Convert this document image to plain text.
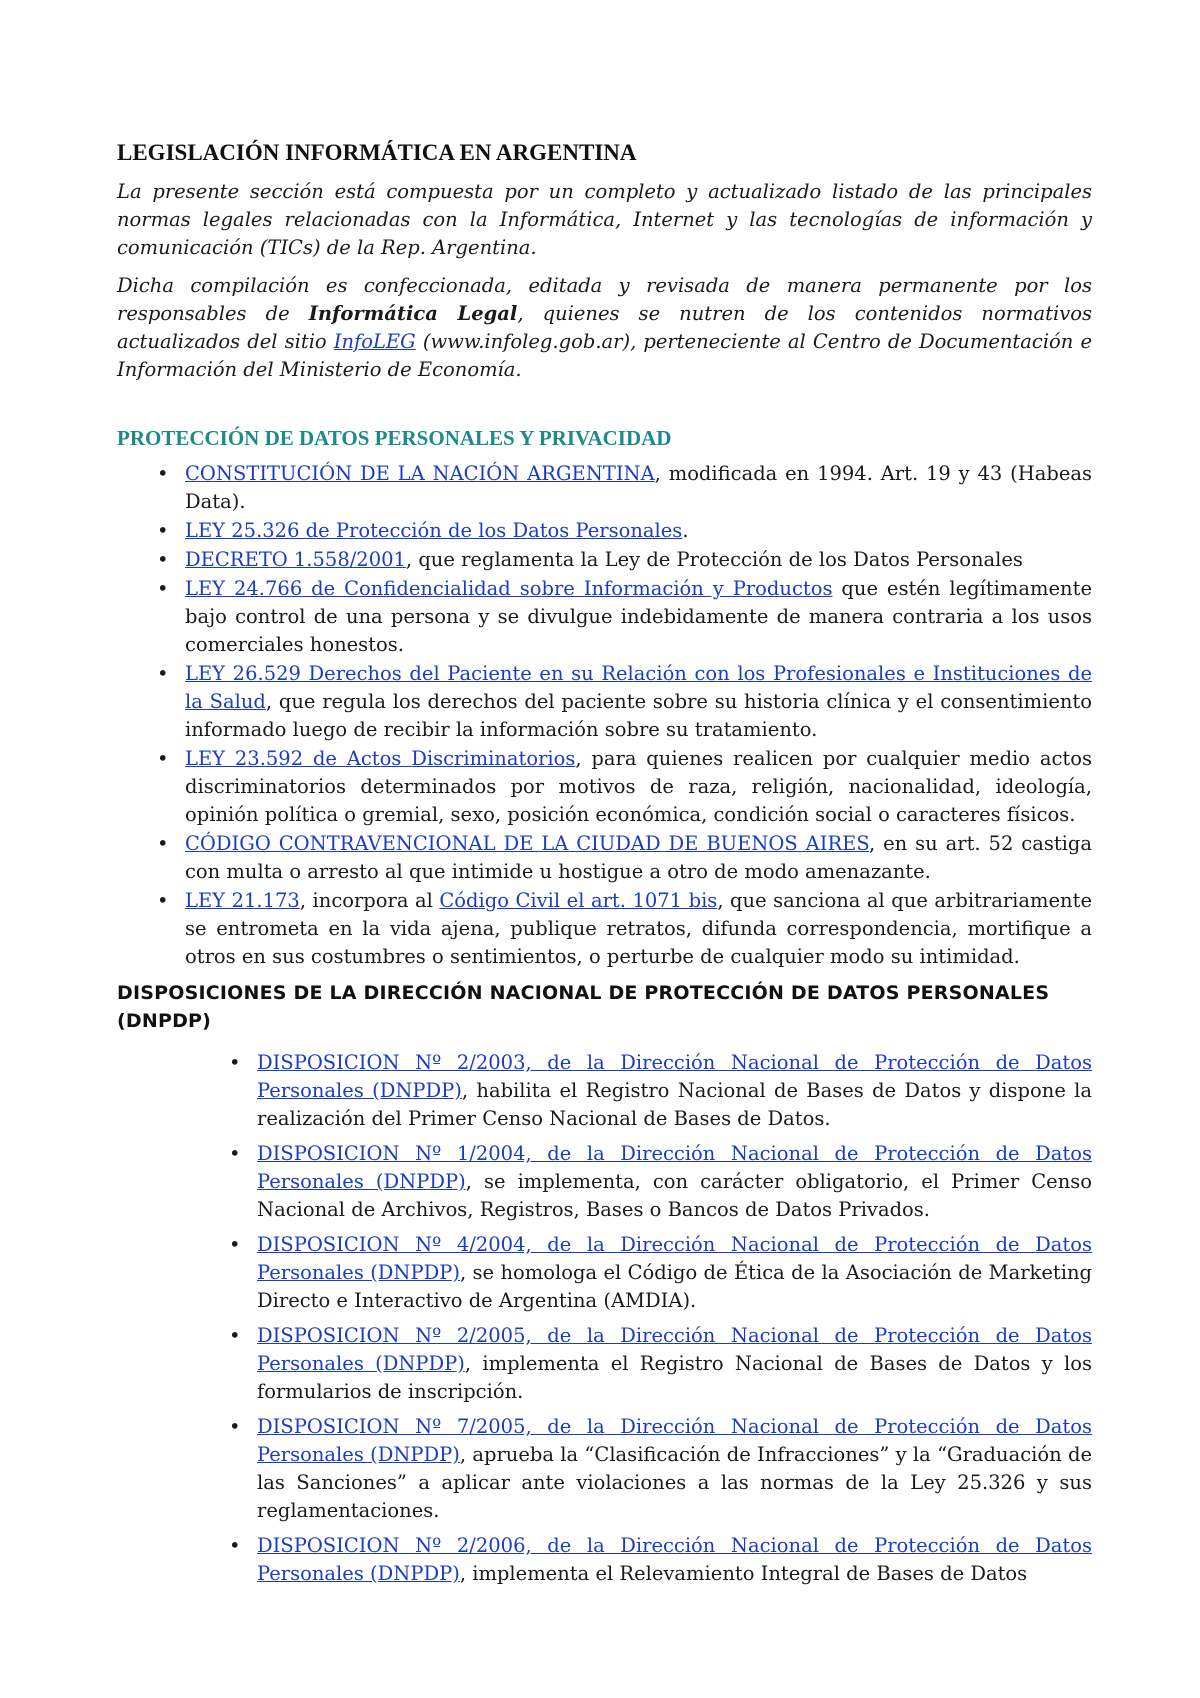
LEGISLACIÓN INFORMÁTICA EN ARGENTINA

La presente sección está compuesta por un completo y actualizado listado de las principales normas legales relacionadas con la Informática, Internet y las tecnologías de información y comunicación (TICs) de la Rep. Argentina.

Dicha compilación es confeccionada, editada y revisada de manera permanente por los responsables de Informática Legal, quienes se nutren de los contenidos normativos actualizados del sitio InfoLEG (www.infoleg.gob.ar), perteneciente al Centro de Documentación e Información del Ministerio de Economía.

PROTECCIÓN DE DATOS PERSONALES Y PRIVACIDAD
• CONSTITUCIÓN DE LA NACIÓN ARGENTINA, modificada en 1994. Art. 19 y 43 (Habeas Data).
• LEY 25.326 de Protección de los Datos Personales.
• DECRETO 1.558/2001, que reglamenta la Ley de Protección de los Datos Personales
• LEY 24.766 de Confidencialidad sobre Información y Productos que estén legítimamente bajo control de una persona y se divulgue indebidamente de manera contraria a los usos comerciales honestos.
• LEY 26.529 Derechos del Paciente en su Relación con los Profesionales e Instituciones de la Salud, que regula los derechos del paciente sobre su historia clínica y el consentimiento informado luego de recibir la información sobre su tratamiento.
• LEY 23.592 de Actos Discriminatorios, para quienes realicen por cualquier medio actos discriminatorios determinados por motivos de raza, religión, nacionalidad, ideología, opinión política o gremial, sexo, posición económica, condición social o caracteres físicos.
• CÓDIGO CONTRAVENCIONAL DE LA CIUDAD DE BUENOS AIRES, en su art. 52 castiga con multa o arresto al que intimide u hostigue a otro de modo amenazante.
• LEY 21.173, incorpora al Código Civil el art. 1071 bis, que sanciona al que arbitrariamente se entrometa en la vida ajena, publique retratos, difunda correspondencia, mortifique a otros en sus costumbres o sentimientos, o perturbe de cualquier modo su intimidad.
DISPOSICIONES DE LA DIRECCIÓN NACIONAL DE PROTECCIÓN DE DATOS PERSONALES (DNPDP)
• DISPOSICION Nº 2/2003, de la Dirección Nacional de Protección de Datos Personales (DNPDP), habilita el Registro Nacional de Bases de Datos y dispone la realización del Primer Censo Nacional de Bases de Datos.
• DISPOSICION Nº 1/2004, de la Dirección Nacional de Protección de Datos Personales (DNPDP), se implementa, con carácter obligatorio, el Primer Censo Nacional de Archivos, Registros, Bases o Bancos de Datos Privados.
• DISPOSICION Nº 4/2004, de la Dirección Nacional de Protección de Datos Personales (DNPDP), se homologa el Código de Ética de la Asociación de Marketing Directo e Interactivo de Argentina (AMDIA).
• DISPOSICION Nº 2/2005, de la Dirección Nacional de Protección de Datos Personales (DNPDP), implementa el Registro Nacional de Bases de Datos y los formularios de inscripción.
• DISPOSICION Nº 7/2005, de la Dirección Nacional de Protección de Datos Personales (DNPDP), aprueba la “Clasificación de Infracciones” y la “Graduación de las Sanciones” a aplicar ante violaciones a las normas de la Ley 25.326 y sus reglamentaciones.
• DISPOSICION Nº 2/2006, de la Dirección Nacional de Protección de Datos Personales (DNPDP), implementa el Relevamiento Integral de Bases de Datos
